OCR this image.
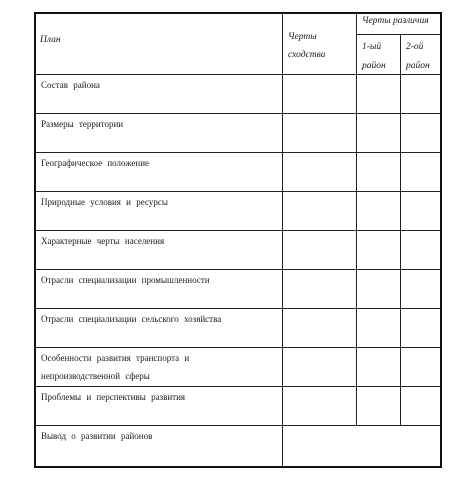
План	Черты
сходства
Черты различия
1-ый
район
2-ой
район
Состав района
Размеры территории
Географическое положение
Природные условия и ресурсы
Характерные черты населения
Отрасли специализации промышленности
Отрасли специализации сельского хозяйства
Особенности развития транспорта и
непроизводственной сферы
Проблемы и перспективы развития
Вывод о развитии районов
